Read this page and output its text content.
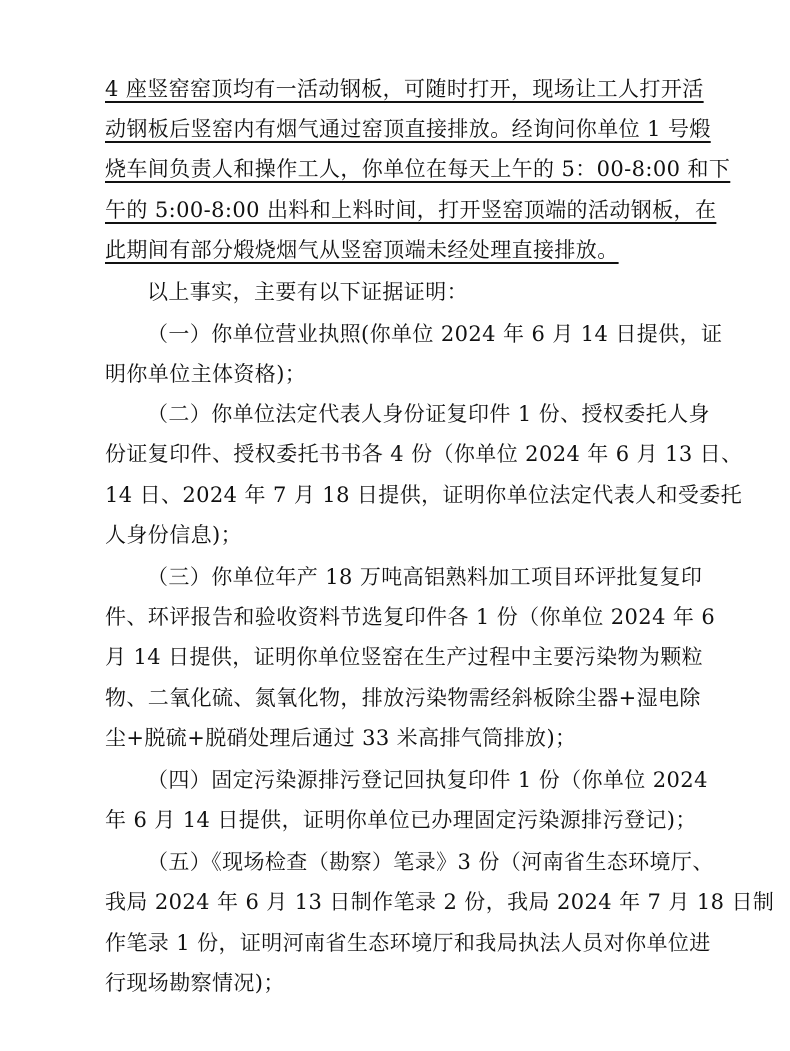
4 座竖窑窑顶均有一活动钢板，可随时打开，现场让工人打开活
动钢板后竖窑内有烟气通过窑顶直接排放。经询问你单位 1 号煅
烧车间负责人和操作工人，你单位在每天上午的 5：00-8:00 和下
午的 5:00-8:00 出料和上料时间，打开竖窑顶端的活动钢板，在
此期间有部分煅烧烟气从竖窑顶端未经处理直接排放。
以上事实，主要有以下证据证明：
（一）你单位营业执照(你单位 2024 年 6 月 14 日提供，证
明你单位主体资格)；
（二）你单位法定代表人身份证复印件 1 份、授权委托人身
份证复印件、授权委托书书各 4 份（你单位 2024 年 6 月 13 日、
14 日、2024 年 7 月 18 日提供，证明你单位法定代表人和受委托
人身份信息)；
（三）你单位年产 18 万吨高铝熟料加工项目环评批复复印
件、环评报告和验收资料节选复印件各 1 份（你单位 2024 年 6
月 14 日提供，证明你单位竖窑在生产过程中主要污染物为颗粒
物、二氧化硫、氮氧化物，排放污染物需经斜板除尘器+湿电除
尘+脱硫+脱硝处理后通过 33 米高排气筒排放)；
（四）固定污染源排污登记回执复印件 1 份（你单位 2024
年 6 月 14 日提供，证明你单位已办理固定污染源排污登记)；
（五）《现场检查（勘察）笔录》3 份（河南省生态环境厅、
我局 2024 年 6 月 13 日制作笔录 2 份，我局 2024 年 7 月 18 日制
作笔录 1 份，证明河南省生态环境厅和我局执法人员对你单位进
行现场勘察情况)；
